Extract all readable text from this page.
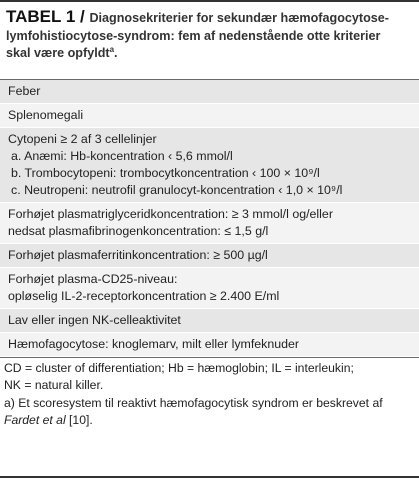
TABEL 1 / Diagnosekriterier for sekundær hæmofagocytose-
lymfohistiocytose-syndrom: fem af nedenstående otte kriterier
skal være opfyldt$^a$.
Feber
Splenomegali
Cytopeni ≥ 2 af 3 cellelinjer
a. Anæmi: Hb-koncentration ‹ 5,6 mmol/l
b. Trombocytopeni: trombocytkoncentration ‹ 100 × 10⁹/l
c. Neutropeni: neutrofil granulocyt-koncentration ‹ 1,0 × 10⁹/l
Forhøjet plasmatriglyceridkoncentration: ≥ 3 mmol/l og/eller
nedsat plasmafibrinogenkoncentration: ≤ 1,5 g/l
Forhøjet plasmaferritinkoncentration: ≥ 500 µg/l
Forhøjet plasma-CD25-niveau:
opløselig IL-2-receptorkoncentration ≥ 2.400 E/ml
Lav eller ingen NK-celleaktivitet
Hæmofagocytose: knoglemarv, milt eller lymfeknuder
CD = cluster of differentiation; Hb = hæmoglobin; IL = interleukin;
NK = natural killer.
a) Et scoresystem til reaktivt hæmofagocytisk syndrom er beskrevet af
Fardet et al [10].
